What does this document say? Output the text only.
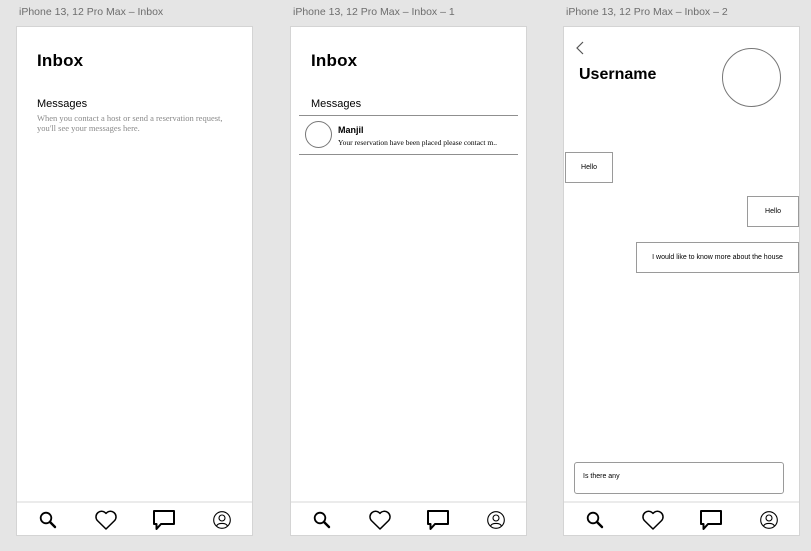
iPhone 13, 12 Pro Max – Inbox
Inbox
Messages
When you contact a host or send a reservation request, you'll see your messages here.
iPhone 13, 12 Pro Max – Inbox – 1
Inbox
Messages
Manjil
Your reservation have been placed please contact m..
iPhone 13, 12 Pro Max – Inbox – 2
Username
Hello
Hello
I would like to know more about the house
Is there any
